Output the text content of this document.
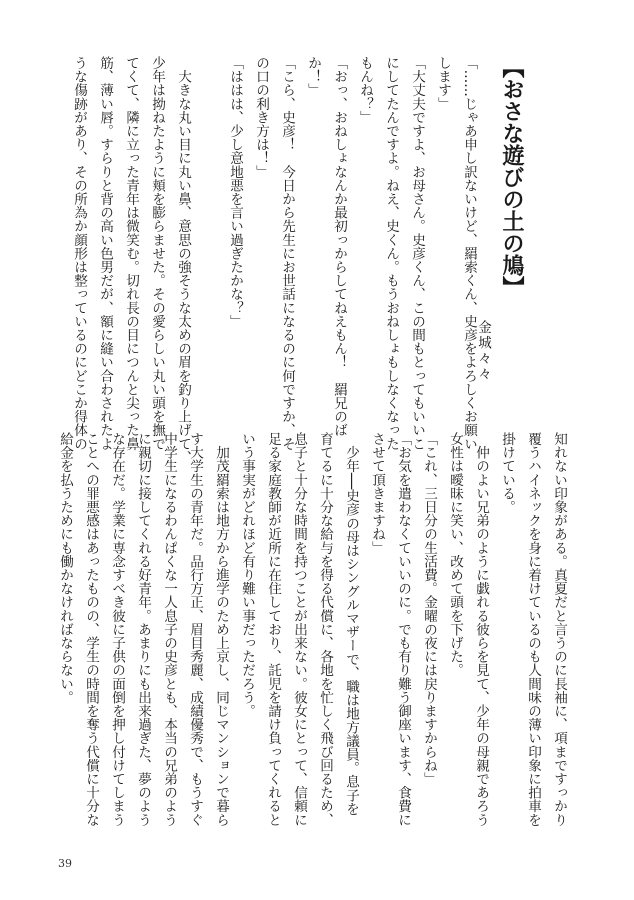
【おさな遊びの土の鳩】
金城々々
「……じゃあ申し訳ないけど、羂索くん、史彦をよろしくお願い
します」
「大丈夫ですよ、お母さん。史彦くん、この間もとってもいいこ
にしてたんですよ。ねえ、史くん。もうおねしょもしなくなった
もんね？」
「おっ、おねしょなんか最初っからしてねえもん！　羂兄のば
か！」
「こら、史彦！　今日から先生にお世話になるのに何ですか、そ
の口の利き方は！」
「ははは、少し意地悪を言い過ぎたかな？」

　大きな丸い目に丸い鼻、意思の強そうな太めの眉を釣り上げて、
少年は拗ねたように頬を膨らませた。その愛らしい丸い頭を撫で
てくて、隣に立った青年は微笑む。切れ長の目につんと尖った鼻
筋、薄い唇。すらりと背の高い色男だが、額に縫い合わされたよ
うな傷跡があり、その所為か顔形は整っているのにどこか得体の
知れない印象がある。真夏だと言うのに長袖に、項まですっかり
覆うハイネックを身に着けているのも人間味の薄い印象に拍車を
掛けている。
　仲のよい兄弟のように戯れる彼らを見て、少年の母親であろう
女性は曖昧に笑い、改めて頭を下げた。
「これ、三日分の生活費。金曜の夜には戻りますからね」
「お気を遣わなくていいのに。でも有り難う御座います、食費に
させて頂きますね」
　少年──史彦の母はシングルマザーで、職は地方議員。息子を
育てるに十分な給与を得る代償に、各地を忙しく飛び回るため、
息子と十分な時間を持つことが出来ない。彼女にとって、信頼に
足る家庭教師が近所に在住しており、託児を請け負ってくれると
いう事実がどれほど有り難い事だっただろう。
　加茂羂索は地方から進学のため上京し、同じマンションで暮ら
す大学生の青年だ。品行方正、眉目秀麗、成績優秀で、もうすぐ
中学生になるわんぱくな一人息子の史彦とも、本当の兄弟のよう
に親切に接してくれる好青年。あまりにも出来過ぎた、夢のよう
な存在だ。学業に専念すべき彼に子供の面倒を押し付けてしまう
ことへの罪悪感はあったものの、学生の時間を奪う代償に十分な
給金を払うためにも働かなければならない。
39
